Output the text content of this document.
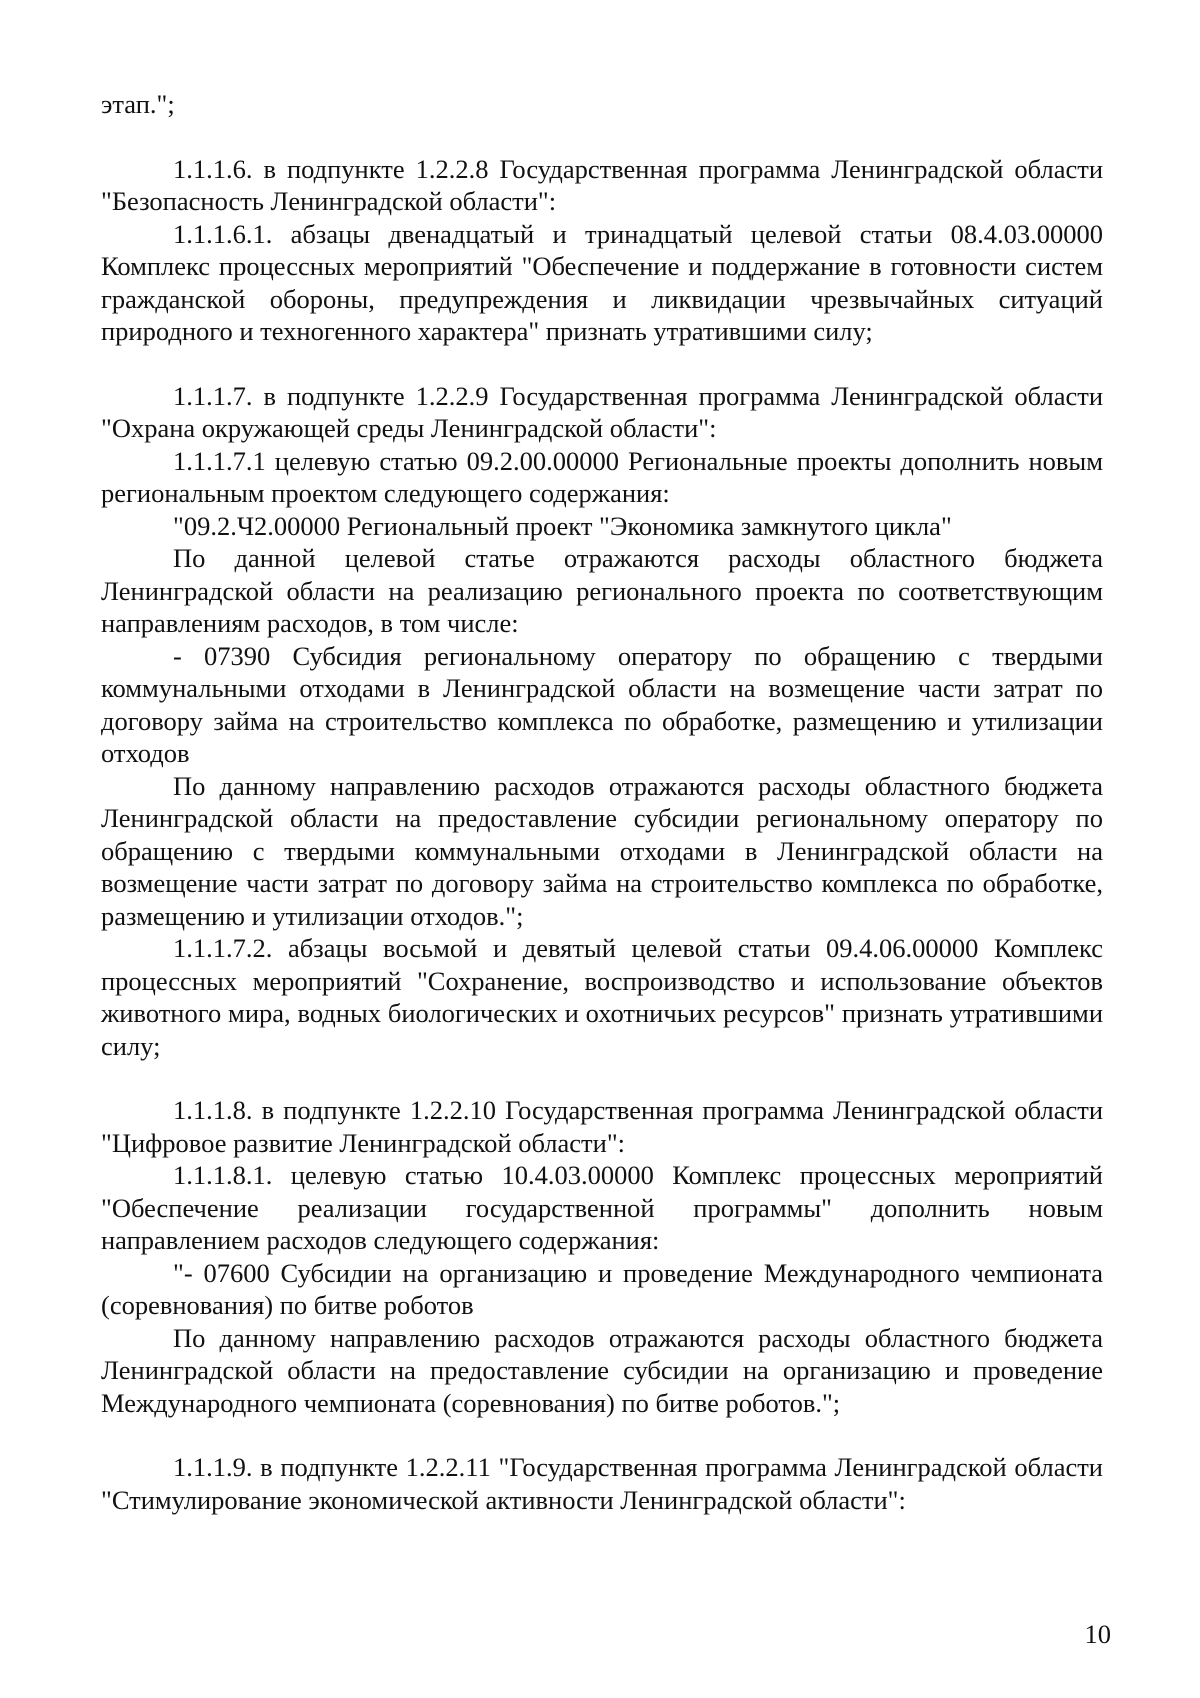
этап.";

1.1.1.6. в подпункте 1.2.2.8 Государственная программа Ленинградской области "Безопасность Ленинградской области":

1.1.1.6.1. абзацы двенадцатый и тринадцатый целевой статьи 08.4.03.00000 Комплекс процессных мероприятий "Обеспечение и поддержание в готовности систем гражданской обороны, предупреждения и ликвидации чрезвычайных ситуаций природного и техногенного характера" признать утратившими силу;

1.1.1.7. в подпункте 1.2.2.9 Государственная программа Ленинградской области "Охрана окружающей среды Ленинградской области":

1.1.1.7.1 целевую статью 09.2.00.00000 Региональные проекты дополнить новым региональным проектом следующего содержания:

"09.2.Ч2.00000 Региональный проект "Экономика замкнутого цикла"

По данной целевой статье отражаются расходы областного бюджета Ленинградской области на реализацию регионального проекта по соответствующим направлениям расходов, в том числе:

- 07390 Субсидия региональному оператору по обращению с твердыми коммунальными отходами в Ленинградской области на возмещение части затрат по договору займа на строительство комплекса по обработке, размещению и утилизации отходов

По данному направлению расходов отражаются расходы областного бюджета Ленинградской области на предоставление субсидии региональному оператору по обращению с твердыми коммунальными отходами в Ленинградской области на возмещение части затрат по договору займа на строительство комплекса по обработке, размещению и утилизации отходов.";

1.1.1.7.2. абзацы восьмой и девятый целевой статьи 09.4.06.00000 Комплекс процессных мероприятий "Сохранение, воспроизводство и использование объектов животного мира, водных биологических и охотничьих ресурсов" признать утратившими силу;

1.1.1.8. в подпункте 1.2.2.10 Государственная программа Ленинградской области "Цифровое развитие Ленинградской области":

1.1.1.8.1. целевую статью 10.4.03.00000 Комплекс процессных мероприятий "Обеспечение реализации государственной программы" дополнить новым направлением расходов следующего содержания:

"- 07600 Субсидии на организацию и проведение Международного чемпионата (соревнования) по битве роботов

По данному направлению расходов отражаются расходы областного бюджета Ленинградской области на предоставление субсидии на организацию и проведение Международного чемпионата (соревнования) по битве роботов.";

1.1.1.9. в подпункте 1.2.2.11 "Государственная программа Ленинградской области "Стимулирование экономической активности Ленинградской области":

10
